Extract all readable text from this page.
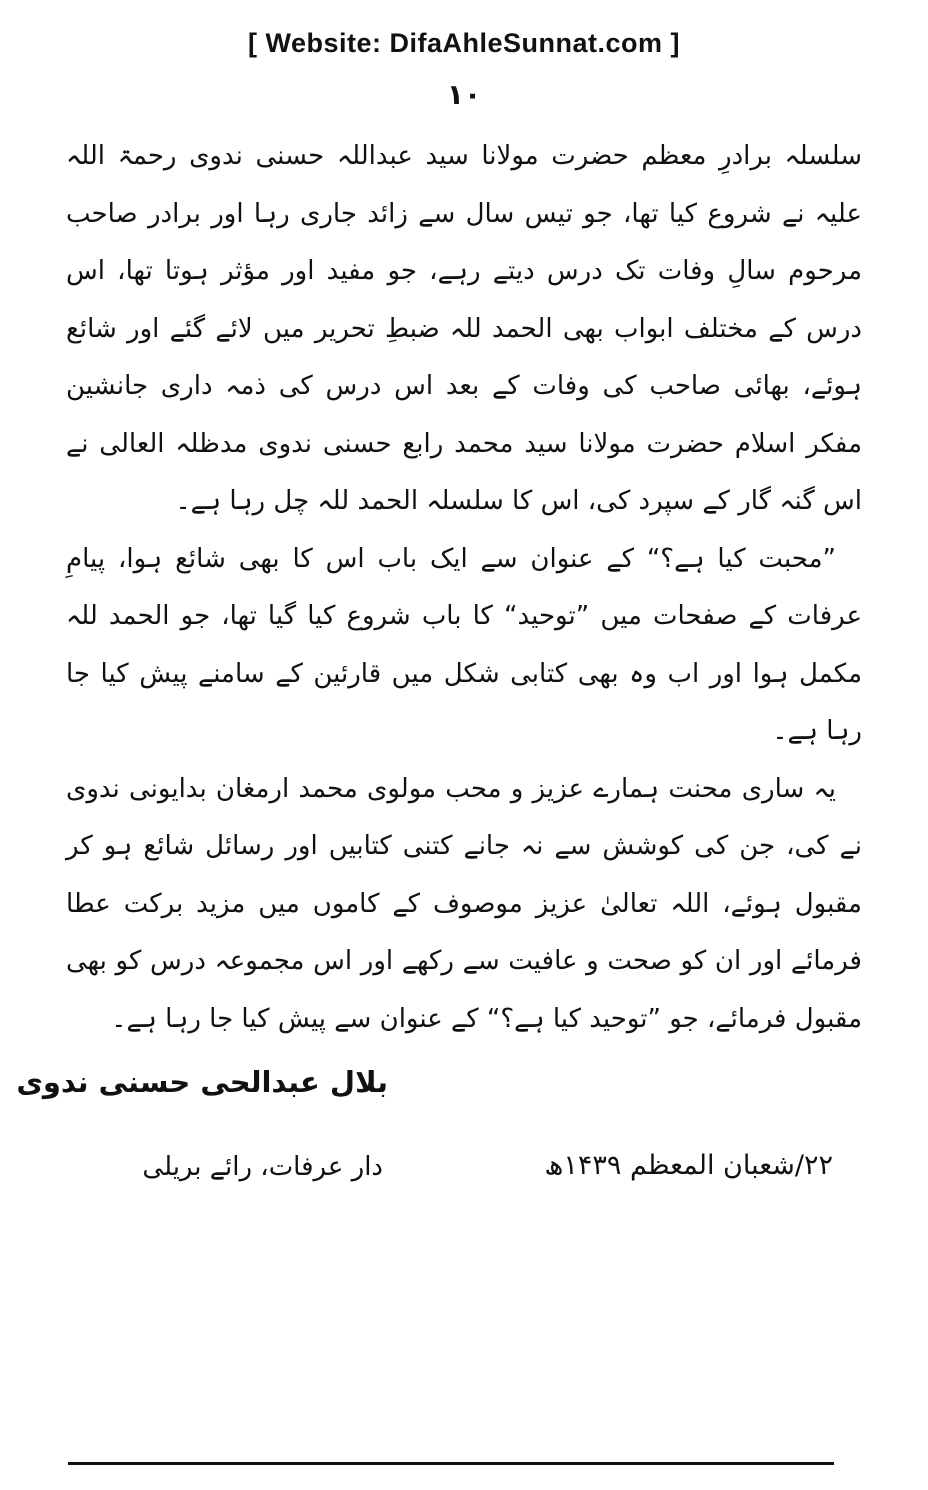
[ Website: DifaAhleSunnat.com ]
۱۰

سلسلہ برادرِ معظم حضرت مولانا سید عبداللہ حسنی ندوی رحمۃ اللہ علیہ نے شروع کیا تھا، جو تیس سال سے زائد جاری رہا اور برادر صاحب مرحوم سالِ وفات تک درس دیتے رہے، جو مفید اور مؤثر ہوتا تھا، اس درس کے مختلف ابواب بھی الحمد للہ ضبطِ تحریر میں لائے گئے اور شائع ہوئے، بھائی صاحب کی وفات کے بعد اس درس کی ذمہ داری جانشین مفکر اسلام حضرت مولانا سید محمد رابع حسنی ندوی مدظلہ العالی نے اس گنہ گار کے سپرد کی، اس کا سلسلہ الحمد للہ چل رہا ہے۔

”محبت کیا ہے؟“ کے عنوان سے ایک باب اس کا بھی شائع ہوا، پیامِ عرفات کے صفحات میں ”توحید“ کا باب شروع کیا گیا تھا، جو الحمد للہ مکمل ہوا اور اب وہ بھی کتابی شکل میں قارئین کے سامنے پیش کیا جا رہا ہے۔

یہ ساری محنت ہمارے عزیز و محب مولوی محمد ارمغان بدایونی ندوی نے کی، جن کی کوشش سے نہ جانے کتنی کتابیں اور رسائل شائع ہو کر مقبول ہوئے، اللہ تعالیٰ عزیز موصوف کے کاموں میں مزید برکت عطا فرمائے اور ان کو صحت و عافیت سے رکھے اور اس مجموعہ درس کو بھی مقبول فرمائے، جو ”توحید کیا ہے؟“ کے عنوان سے پیش کیا جا رہا ہے۔

بلال عبدالحی حسنی ندوی
دار عرفات، رائے بریلی	۲۲/شعبان المعظم ۱۴۳۹ھ
